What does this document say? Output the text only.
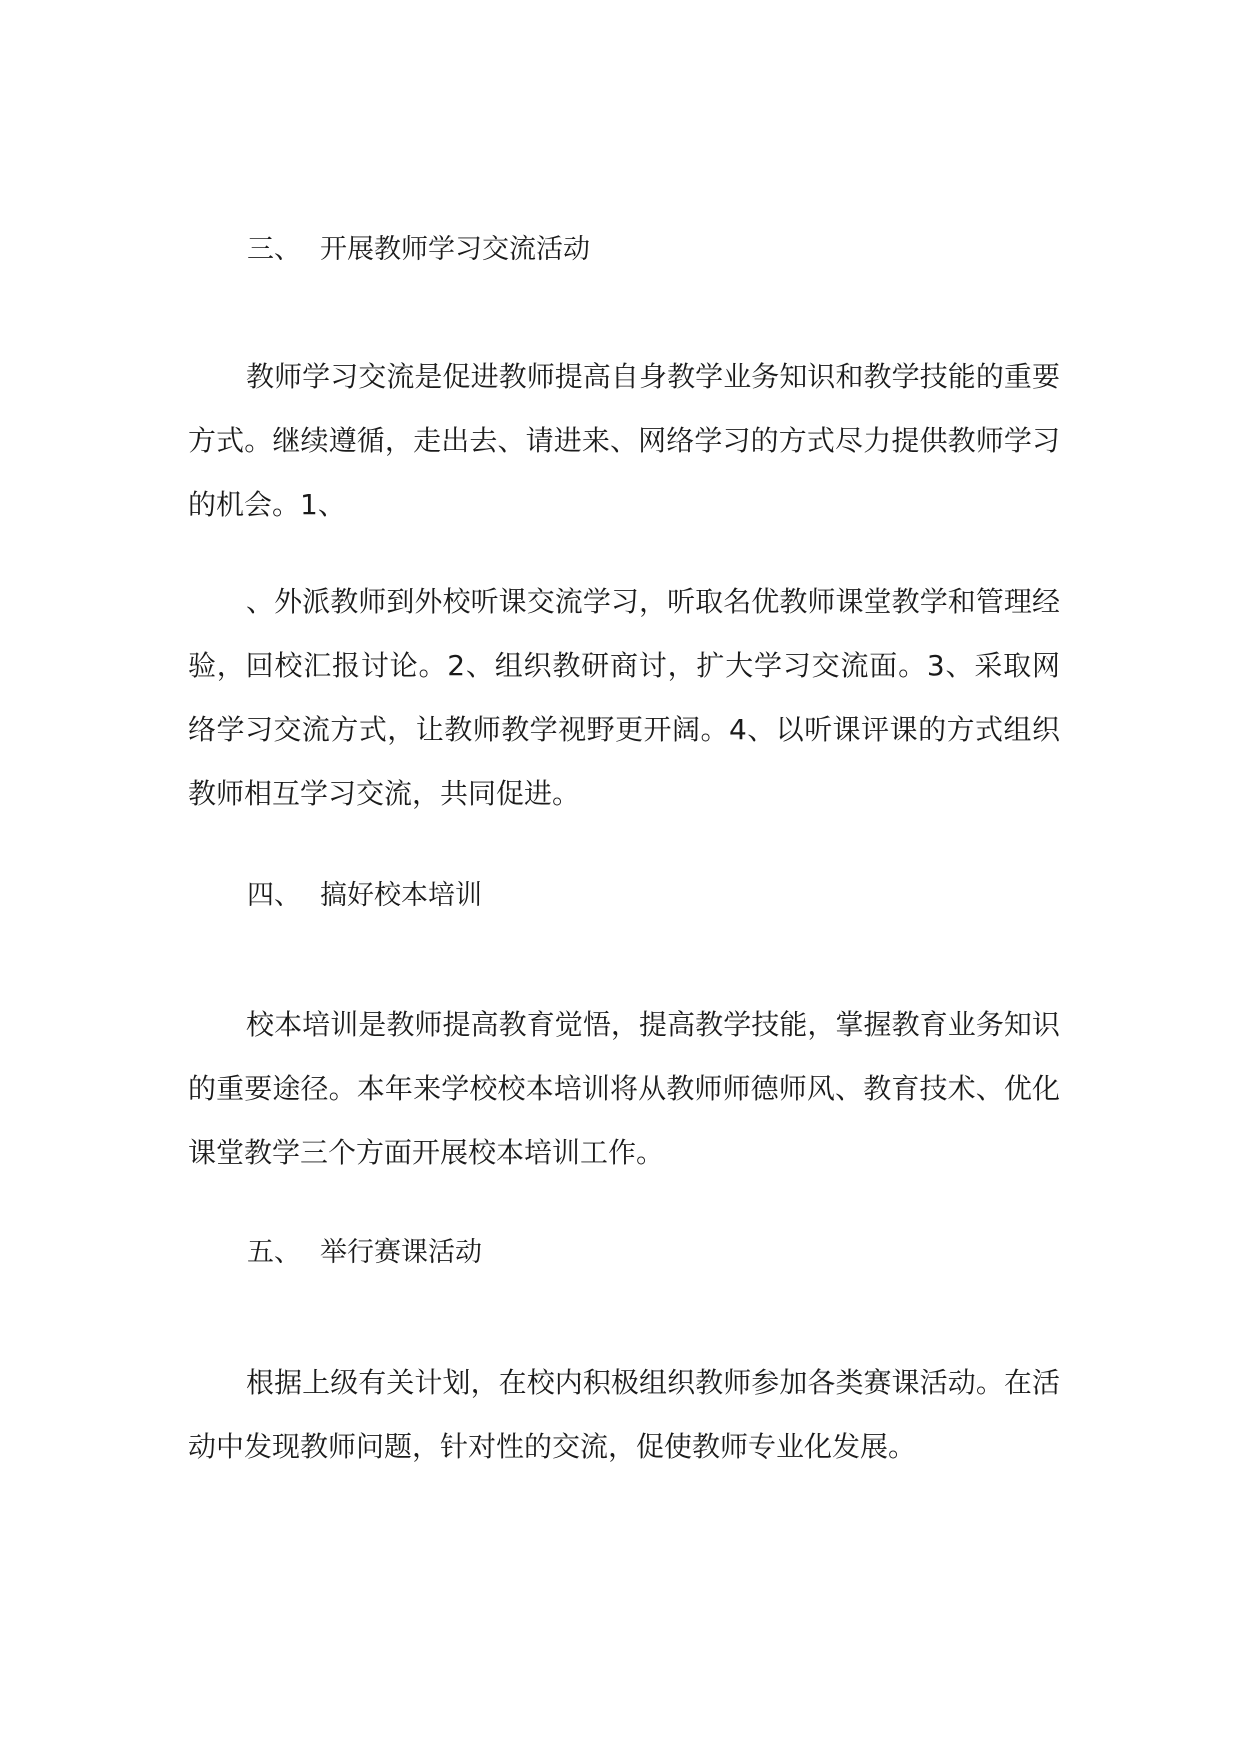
三、 开展教师学习交流活动
教师学习交流是促进教师提高自身教学业务知识和教学技能的重要方式。继续遵循，走出去、请进来、网络学习的方式尽力提供教师学习的机会。1、
、外派教师到外校听课交流学习，听取名优教师课堂教学和管理经验，回校汇报讨论。2、组织教研商讨，扩大学习交流面。3、采取网络学习交流方式，让教师教学视野更开阔。4、以听课评课的方式组织教师相互学习交流，共同促进。
四、 搞好校本培训
校本培训是教师提高教育觉悟，提高教学技能，掌握教育业务知识的重要途径。本年来学校校本培训将从教师师德师风、教育技术、优化课堂教学三个方面开展校本培训工作。
五、 举行赛课活动
根据上级有关计划，在校内积极组织教师参加各类赛课活动。在活动中发现教师问题，针对性的交流，促使教师专业化发展。
